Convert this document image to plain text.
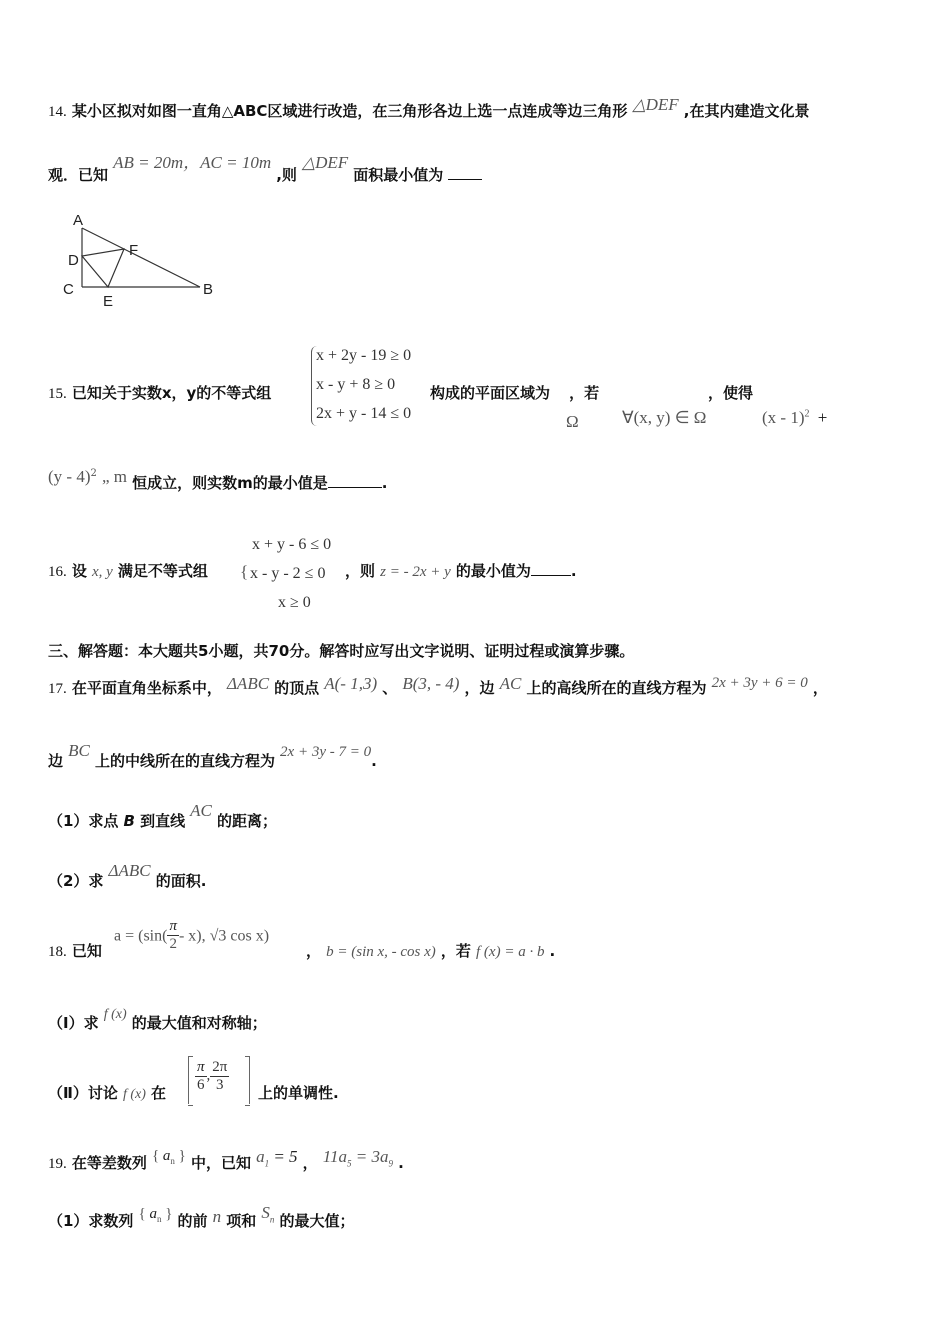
14. 某小区拟对如图一直角△ABC区域进行改造，在三角形各边上选一点连成等边三角形 △DEF ,在其内建造文化景
观．已知 AB = 20m，AC = 10m ,则 △DEF 面积最小值为
A
B
C
D
E
F
15. 已知关于实数x，y的不等式组
x + 2y - 19 ≥ 0
x - y + 8 ≥ 0
2x + y - 14 ≤ 0
构成的平面区域为 ，若	，使得
Ω	∀(x, y) ∈ Ω	(x - 1)$^2$ +
(y - 4)$^2$ „ m 恒成立，则实数m的最小值是	.
16. 设 x, y 满足不等式组 {
x + y - 6 ≤ 0
x - y - 2 ≤ 0
x ≥ 0
，则 z = - 2x + y 的最小值为	.
三、解答题：本大题共5小题，共70分。解答时应写出文字说明、证明过程或演算步骤。
17. 在平面直角坐标系中， ΔABC 的顶点 A(- 1,3) 、 B(3, - 4) ，边 AC 上的高线所在的直线方程为 2x + 3y + 6 = 0 ，
边 BC 上的中线所在的直线方程为 2x + 3y - 7 = 0.
（1）求点 B 到直线 AC 的距离；
（2）求 ΔABC 的面积.
18. 已知
$a = (\sin( \frac{\pi}{2} - x)$, √3 cos x)
， b = (sin x, - cos x) ，若 f (x) = a · b .
（Ⅰ）求 f (x) 的最大值和对称轴；
（Ⅱ）讨论 f (x) 在 $\frac{\pi}{6}$ , $\frac{2\pi}{3}$ 上的单调性.
19. 在等差数列 { $a_n$ } 中，已知 $a_1 = 5$ ， $11a_5 = 3a_9$ .
（1）求数列 { $a_n$ } 的前 n 项和 $S_n$ 的最大值；
